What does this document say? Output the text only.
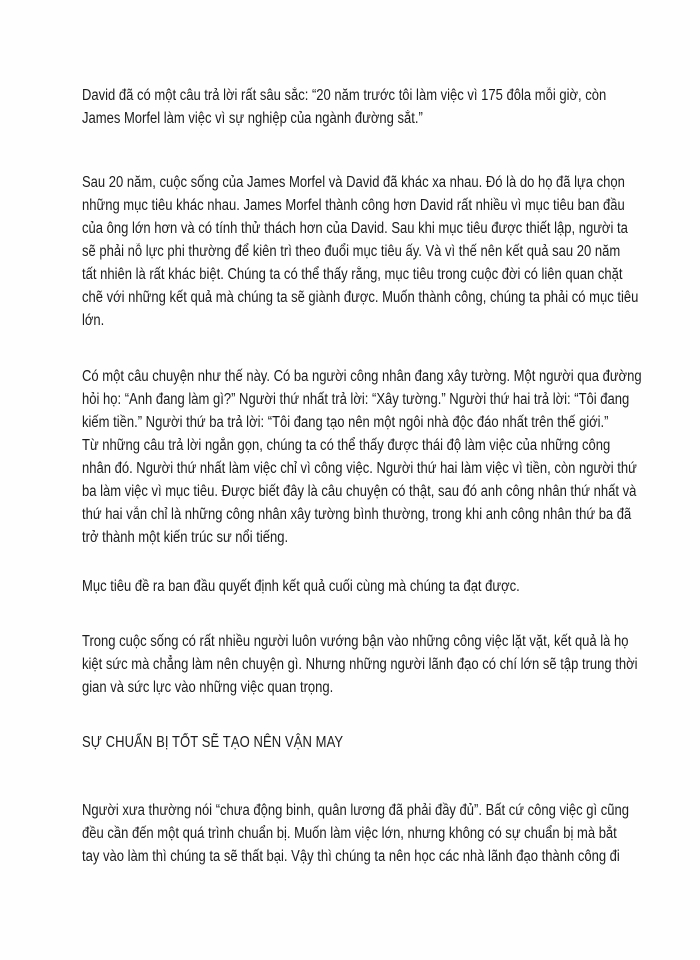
David đã có một câu trả lời rất sâu sắc: “20 năm trước tôi làm việc vì 175 đôla mỗi giờ, còn
James Morfel làm việc vì sự nghiệp của ngành đường sắt.”
Sau 20 năm, cuộc sống của James Morfel và David đã khác xa nhau. Đó là do họ đã lựa chọn
những mục tiêu khác nhau. James Morfel thành công hơn David rất nhiều vì mục tiêu ban đầu
của ông lớn hơn và có tính thử thách hơn của David. Sau khi mục tiêu được thiết lập, người ta
sẽ phải nỗ lực phi thường để kiên trì theo đuổi mục tiêu ấy. Và vì thế nên kết quả sau 20 năm
tất nhiên là rất khác biệt. Chúng ta có thể thấy rằng, mục tiêu trong cuộc đời có liên quan chặt
chẽ với những kết quả mà chúng ta sẽ giành được. Muốn thành công, chúng ta phải có mục tiêu
lớn.
Có một câu chuyện như thế này. Có ba người công nhân đang xây tường. Một người qua đường
hỏi họ: “Anh đang làm gì?” Người thứ nhất trả lời: “Xây tường.” Người thứ hai trả lời: “Tôi đang
kiếm tiền.” Người thứ ba trả lời: “Tôi đang tạo nên một ngôi nhà độc đáo nhất trên thế giới.”
Từ những câu trả lời ngắn gọn, chúng ta có thể thấy được thái độ làm việc của những công
nhân đó. Người thứ nhất làm việc chỉ vì công việc. Người thứ hai làm việc vì tiền, còn người thứ
ba làm việc vì mục tiêu. Được biết đây là câu chuyện có thật, sau đó anh công nhân thứ nhất và
thứ hai vẫn chỉ là những công nhân xây tường bình thường, trong khi anh công nhân thứ ba đã
trở thành một kiến trúc sư nổi tiếng.
Mục tiêu đề ra ban đầu quyết định kết quả cuối cùng mà chúng ta đạt được.
Trong cuộc sống có rất nhiều người luôn vướng bận vào những công việc lặt vặt, kết quả là họ
kiệt sức mà chẳng làm nên chuyện gì. Nhưng những người lãnh đạo có chí lớn sẽ tập trung thời
gian và sức lực vào những việc quan trọng.
SỰ CHUẨN BỊ TỐT SẼ TẠO NÊN VẬN MAY
Người xưa thường nói “chưa động binh, quân lương đã phải đầy đủ”. Bất cứ công việc gì cũng
đều cần đến một quá trình chuẩn bị. Muốn làm việc lớn, nhưng không có sự chuẩn bị mà bắt
tay vào làm thì chúng ta sẽ thất bại. Vậy thì chúng ta nên học các nhà lãnh đạo thành công đi
